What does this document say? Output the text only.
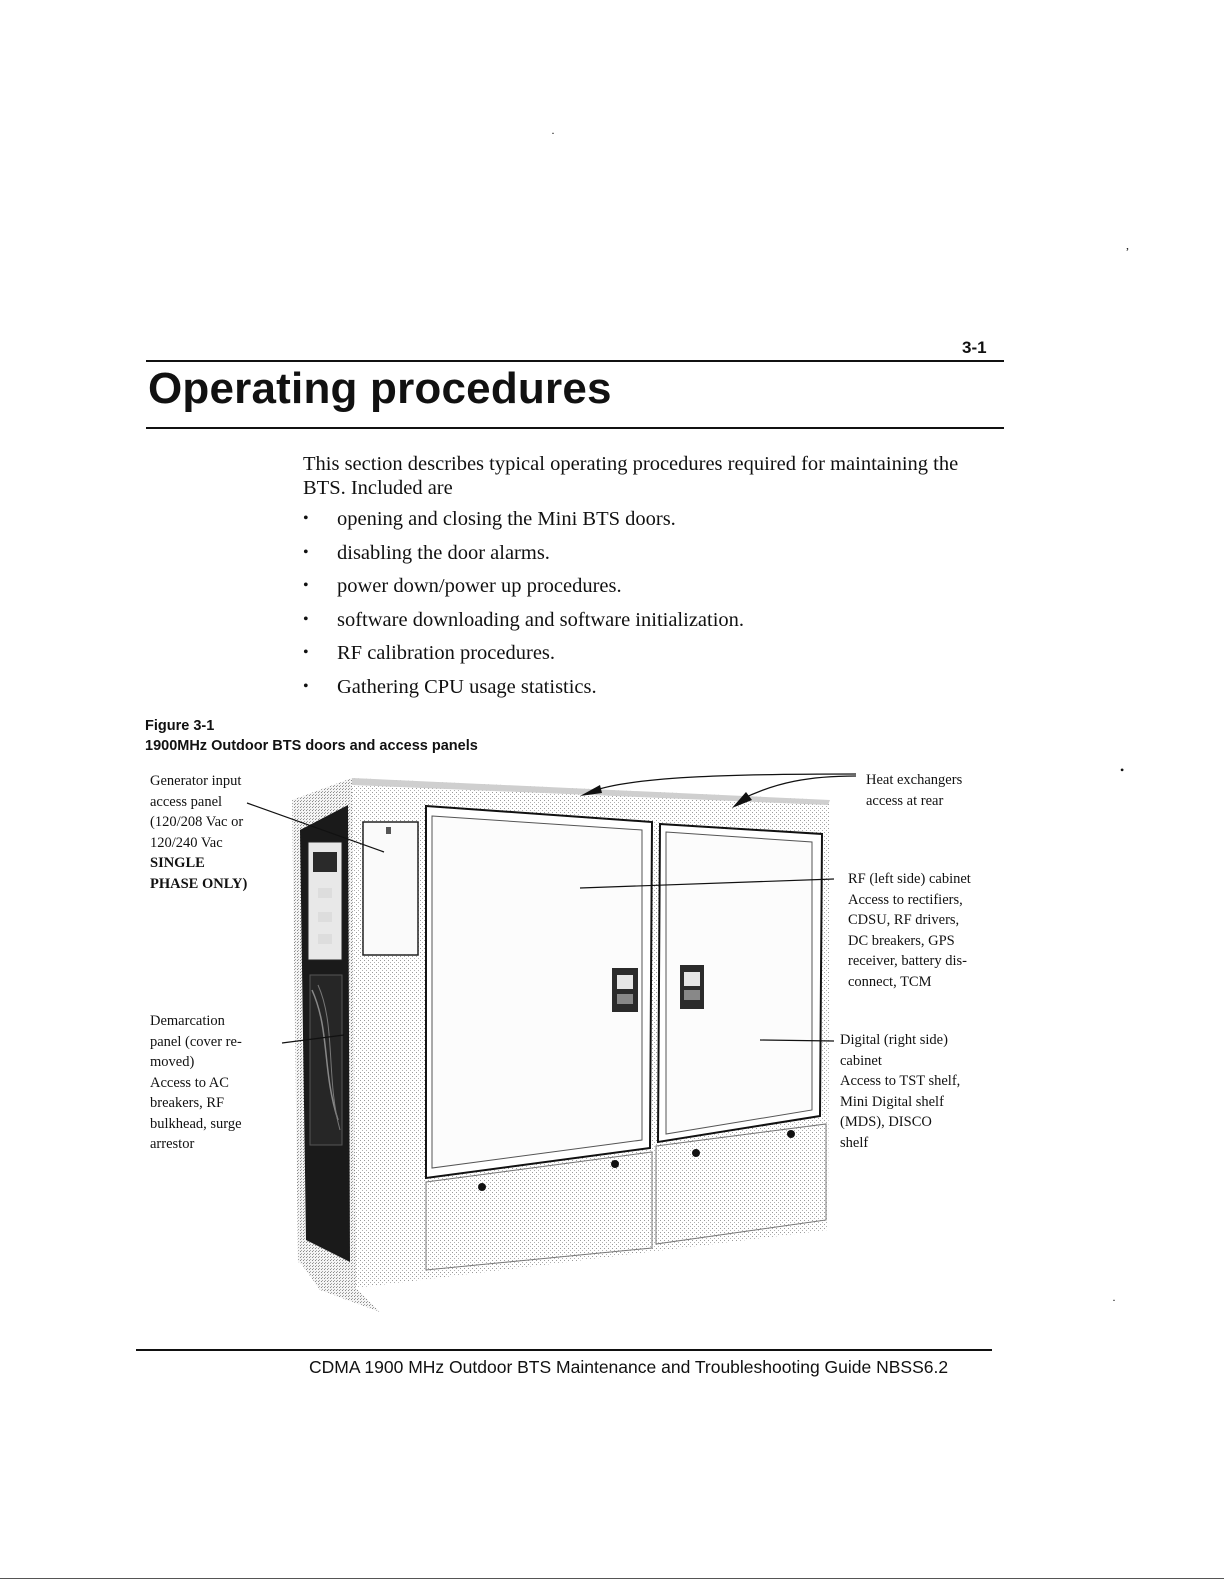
3-1
Operating procedures
This section describes typical operating procedures required for maintaining the BTS. Included are
• opening and closing the Mini BTS doors.
• disabling the door alarms.
• power down/power up procedures.
• software downloading and software initialization.
• RF calibration procedures.
• Gathering CPU usage statistics.
Figure 3-1
1900MHz Outdoor BTS doors and access panels
Generator input
access panel
(120/208 Vac or
120/240 Vac
SINGLE
PHASE ONLY)
Demarcation
panel (cover re-
moved)
Access to AC
breakers, RF
bulkhead, surge
arrestor
Heat exchangers
access at rear
RF (left side) cabinet
Access to rectifiers,
CDSU, RF drivers,
DC breakers, GPS
receiver, battery dis-
connect, TCM
Digital (right side)
cabinet
Access to TST shelf,
Mini Digital shelf
(MDS), DISCO
shelf
CDMA 1900 MHz Outdoor BTS Maintenance and Troubleshooting Guide NBSS6.2
·
,
•
·
